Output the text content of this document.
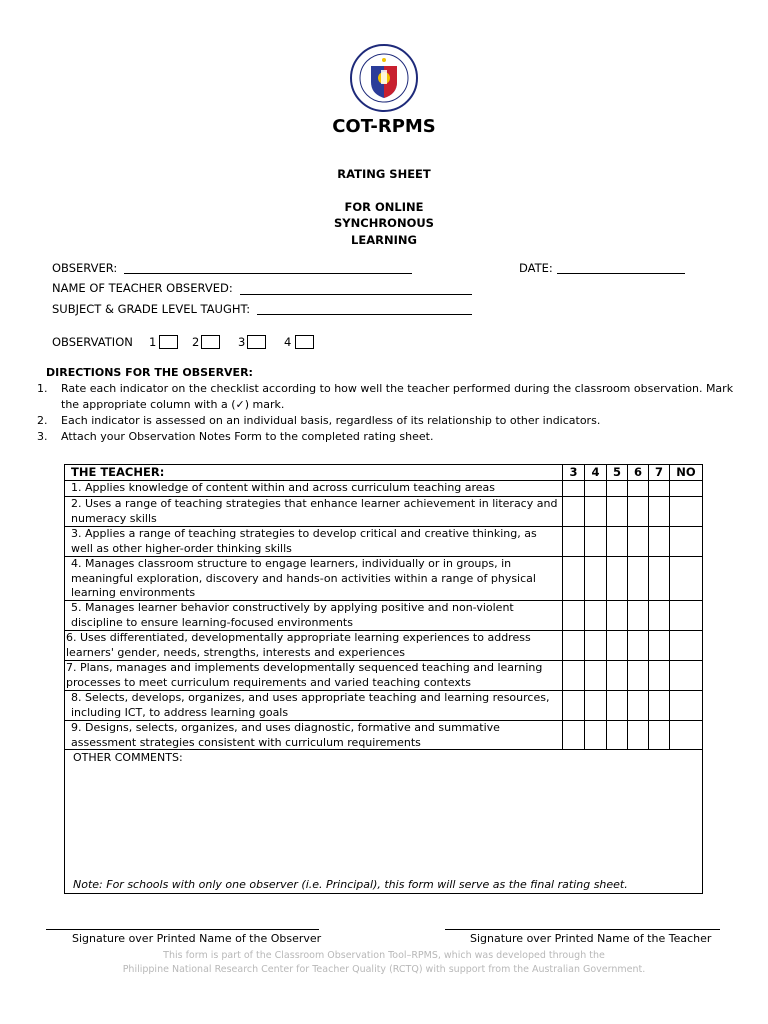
COT-RPMS
RATING SHEET
FOR ONLINE
SYNCHRONOUS
LEARNING
OBSERVER:	DATE:
NAME OF TEACHER OBSERVED:
SUBJECT & GRADE LEVEL TAUGHT:
OBSERVATION 1	2	3	4
DIRECTIONS FOR THE OBSERVER:
1.	Rate each indicator on the checklist according to how well the teacher performed during the classroom observation. Mark the appropriate column with a (✓) mark.
2.	Each indicator is assessed on an individual basis, regardless of its relationship to other indicators.
3.	Attach your Observation Notes Form to the completed rating sheet.
THE TEACHER:	3	4	5	6	7	NO
1. Applies knowledge of content within and across curriculum teaching areas
2. Uses a range of teaching strategies that enhance learner achievement in literacy and numeracy skills
3. Applies a range of teaching strategies to develop critical and creative thinking, as well as other higher-order thinking skills
4. Manages classroom structure to engage learners, individually or in groups, in meaningful exploration, discovery and hands-on activities within a range of physical learning environments
5. Manages learner behavior constructively by applying positive and non-violent discipline to ensure learning-focused environments
6. Uses differentiated, developmentally appropriate learning experiences to address learners' gender, needs, strengths, interests and experiences
7. Plans, manages and implements developmentally sequenced teaching and learning processes to meet curriculum requirements and varied teaching contexts
8. Selects, develops, organizes, and uses appropriate teaching and learning resources, including ICT, to address learning goals
9. Designs, selects, organizes, and uses diagnostic, formative and summative assessment strategies consistent with curriculum requirements
OTHER COMMENTS:
Note: For schools with only one observer (i.e. Principal), this form will serve as the final rating sheet.
Signature over Printed Name of the Observer	Signature over Printed Name of the Teacher
This form is part of the Classroom Observation Tool–RPMS, which was developed through the
Philippine National Research Center for Teacher Quality (RCTQ) with support from the Australian Government.
